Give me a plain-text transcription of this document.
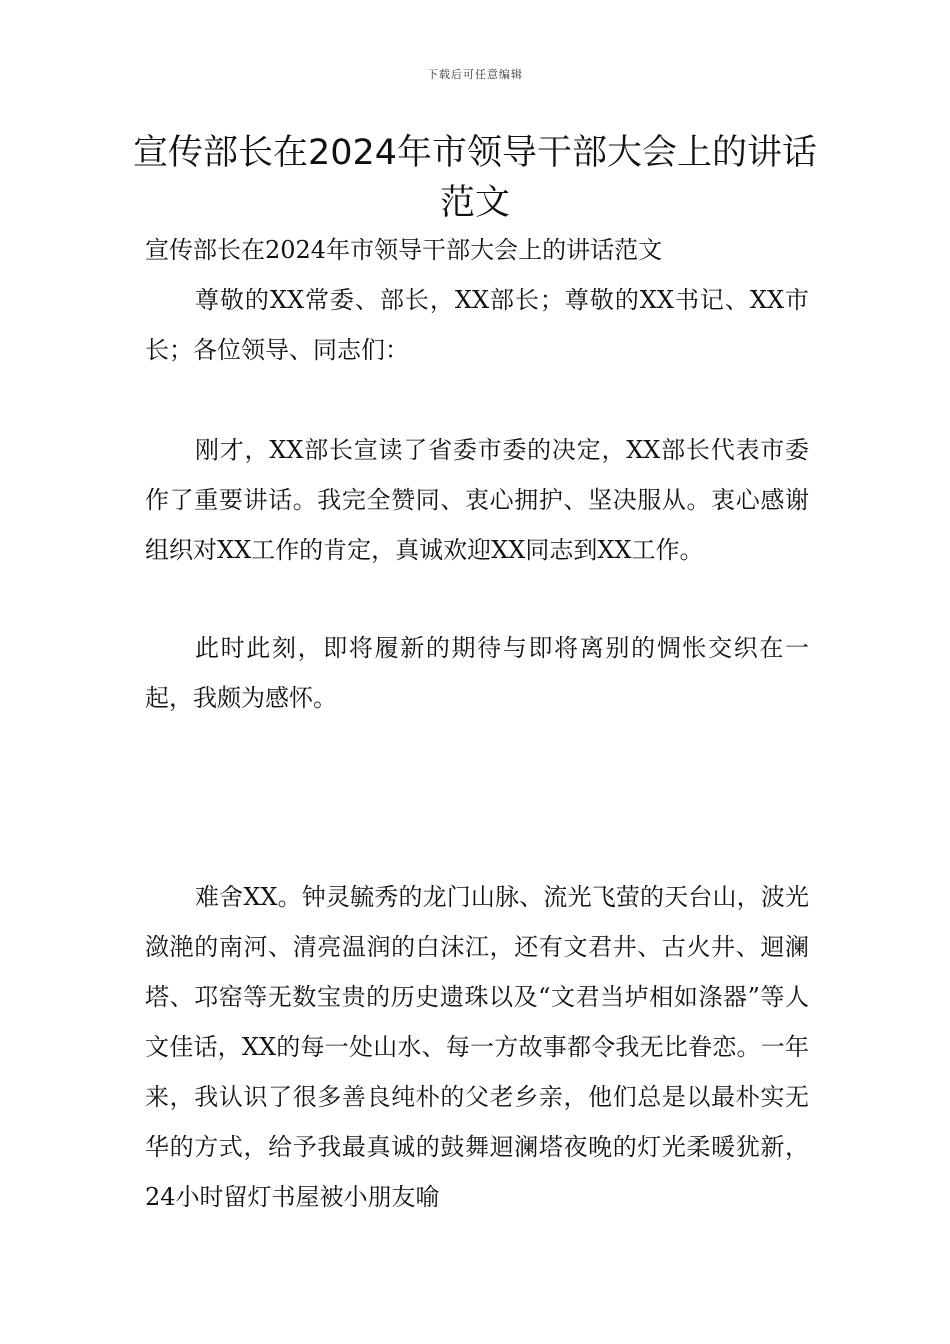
下载后可任意编辑
宣传部长在2024年市领导干部大会上的讲话范文

宣传部长在2024年市领导干部大会上的讲话范文

尊敬的XX常委、部长，XX部长；尊敬的XX书记、XX市长；各位领导、同志们：

刚才，XX部长宣读了省委市委的决定，XX部长代表市委作了重要讲话。我完全赞同、衷心拥护、坚决服从。衷心感谢组织对XX工作的肯定，真诚欢迎XX同志到XX工作。

此时此刻，即将履新的期待与即将离别的惆怅交织在一起，我颇为感怀。

难舍XX。钟灵毓秀的龙门山脉、流光飞萤的天台山，波光潋滟的南河、清亮温润的白沫江，还有文君井、古火井、迴澜塔、邛窑等无数宝贵的历史遗珠以及“文君当垆相如涤器”等人文佳话，XX的每一处山水、每一方故事都令我无比眷恋。一年来，我认识了很多善良纯朴的父老乡亲，他们总是以最朴实无华的方式，给予我最真诚的鼓舞迴澜塔夜晚的灯光柔暖犹新，24小时留灯书屋被小朋友喻
